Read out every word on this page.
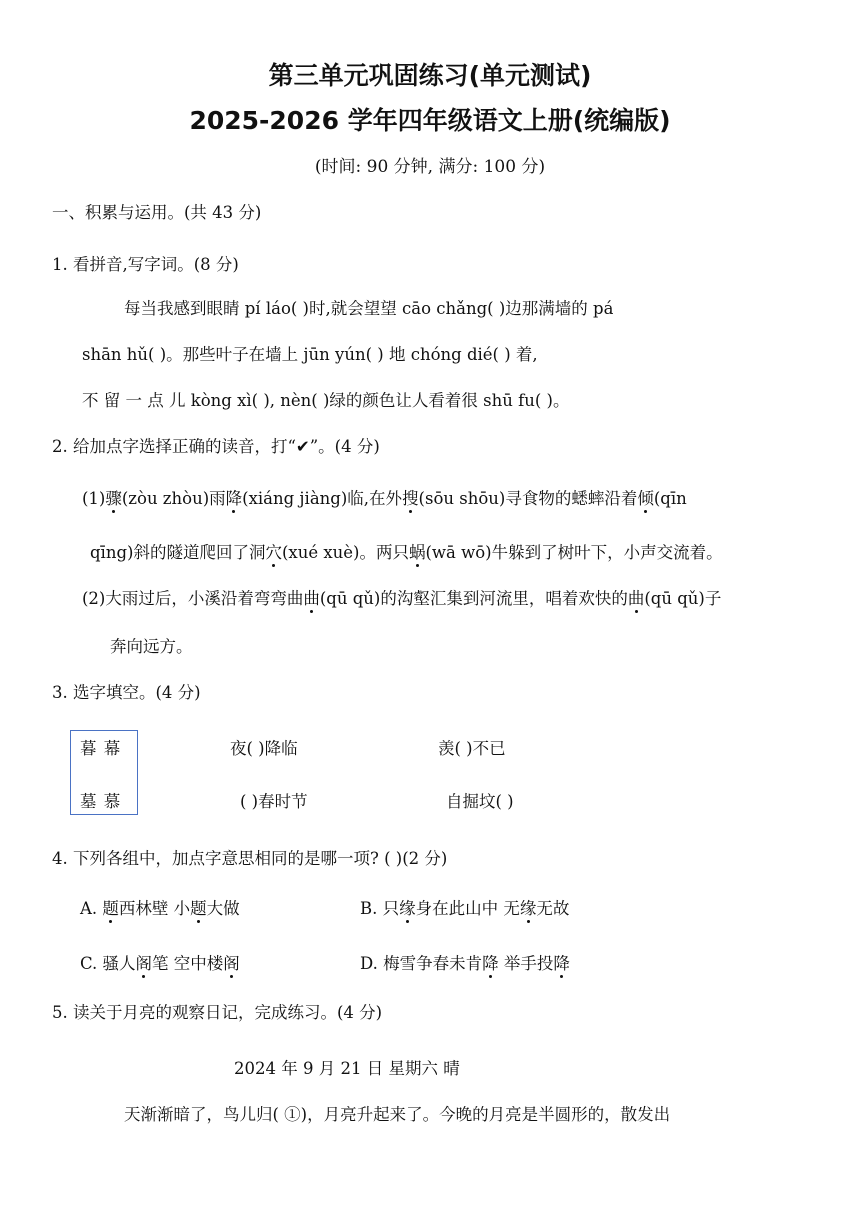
第三单元巩固练习(单元测试)
2025-2026 学年四年级语文上册(统编版)
(时间: 90 分钟, 满分: 100 分)
一、积累与运用。(共 43 分)
1. 看拼音,写字词。(8 分)
每当我感到眼睛 pí láo( )时,就会望望 cāo chǎng( )边那满墙的 pá
shān hǔ( )。那些叶子在墙上 jūn yún( ) 地 chóng dié( ) 着,
不 留 一 点 儿 kòng xì( ), nèn( )绿的颜色让人看着很 shū fu( )。
2. 给加点字选择正确的读音，打“✔”。(4 分)
(1)骤(zòu zhòu)雨降(xiáng jiàng)临,在外搜(sōu shōu)寻食物的蟋蟀沿着倾(qīn
qīng)斜的隧道爬回了洞穴(xué xuè)。两只蜗(wā wō)牛躲到了树叶下，小声交流着。
(2)大雨过后，小溪沿着弯弯曲曲(qū qǔ)的沟壑汇集到河流里，唱着欢快的曲(qū qǔ)子
奔向远方。
3. 选字填空。(4 分)
暮 幕
墓 慕
夜( )降临	羡( )不已
( )春时节	自掘坟( )
4. 下列各组中，加点字意思相同的是哪一项? ( )(2 分)
A. 题西林壁 小题大做	B. 只缘身在此山中 无缘无故
C. 骚人阁笔 空中楼阁	D. 梅雪争春未肯降 举手投降
5. 读关于月亮的观察日记，完成练习。(4 分)
2024 年 9 月 21 日 星期六 晴
天渐渐暗了，鸟儿归( ①)，月亮升起来了。今晚的月亮是半圆形的，散发出
